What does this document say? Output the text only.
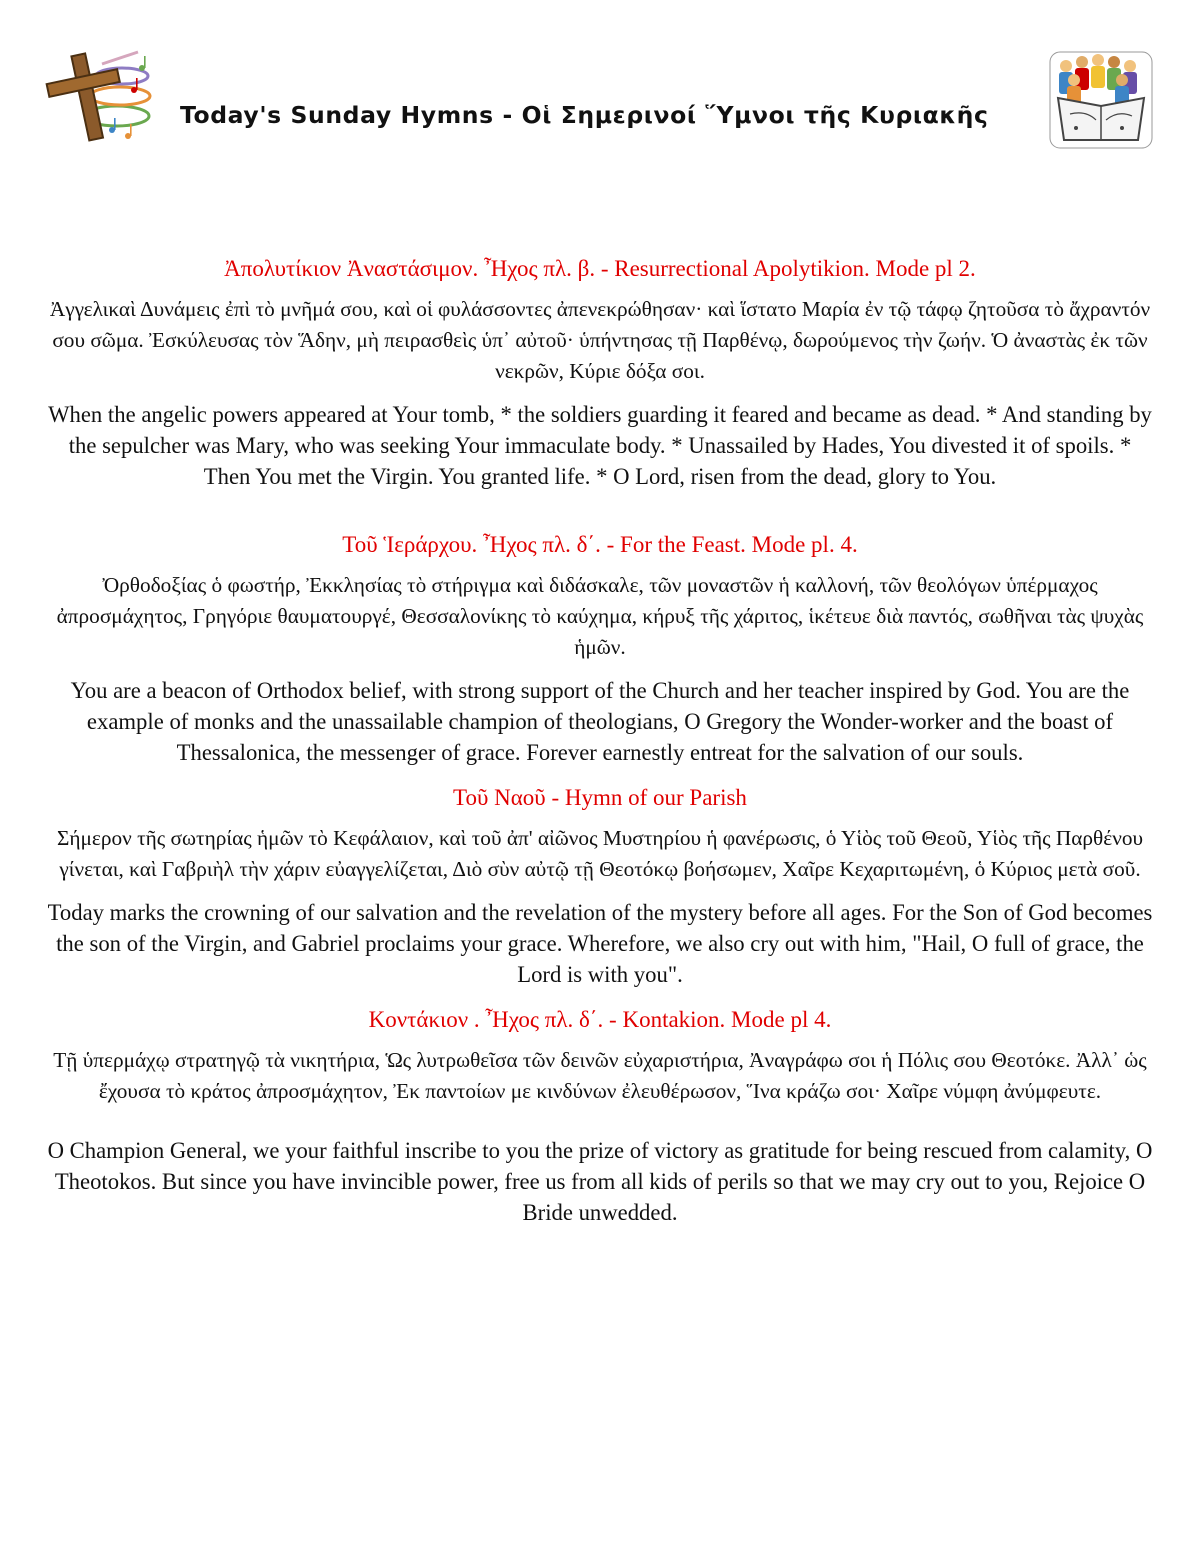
Today's Sunday Hymns - Οἱ Σημερινοί Ὕμνοι τῆς Κυριακῆς
Ἀπολυτίκιον Ἀναστάσιμον. Ἦχος πλ. β. - Resurrectional Apolytikion. Mode pl 2.
Ἀγγελικαὶ Δυνάμεις ἐπὶ τὸ μνῆμά σου, καὶ οἱ φυλάσσοντες ἀπενεκρώθησαν· καὶ ἵστατο Μαρία ἐν τῷ τάφῳ ζητοῦσα τὸ ἄχραντόν σου σῶμα. Ἐσκύλευσας τὸν Ἅδην, μὴ πειρασθεὶς ὑπ᾽ αὐτοῦ· ὑπήντησας τῇ Παρθένῳ, δωρούμενος τὴν ζωήν. Ὁ ἀναστὰς ἐκ τῶν νεκρῶν, Κύριε δόξα σοι.
When the angelic powers appeared at Your tomb, * the soldiers guarding it feared and became as dead. * And standing by the sepulcher was Mary, who was seeking Your immaculate body. * Unassailed by Hades, You divested it of spoils. * Then You met the Virgin. You granted life. * O Lord, risen from the dead, glory to You.
Τοῦ Ἱεράρχου. Ἦχος πλ. δ΄. - For the Feast. Mode pl. 4.
Ὀρθοδοξίας ὁ φωστήρ, Ἐκκλησίας τὸ στήριγμα καὶ διδάσκαλε, τῶν μοναστῶν ἡ καλλονή, τῶν θεολόγων ὑπέρμαχος ἀπροσμάχητος, Γρηγόριε θαυματουργέ, Θεσσαλονίκης τὸ καύχημα, κήρυξ τῆς χάριτος, ἱκέτευε διὰ παντός, σωθῆναι τὰς ψυχὰς ἡμῶν.
You are a beacon of Orthodox belief, with strong support of the Church and her teacher inspired by God. You are the example of monks and the unassailable champion of theologians, O Gregory the Wonder-worker and the boast of Thessalonica, the messenger of grace. Forever earnestly entreat for the salvation of our souls.
Τοῦ Ναοῦ - Hymn of our Parish
Σήμερον τῆς σωτηρίας ἡμῶν τὸ Κεφάλαιον, καὶ τοῦ ἀπ' αἰῶνος Μυστηρίου ἡ φανέρωσις, ὁ Υἱὸς τοῦ Θεοῦ, Υἱὸς τῆς Παρθένου γίνεται, καὶ Γαβριὴλ τὴν χάριν εὐαγγελίζεται, Διὸ σὺν αὐτῷ τῇ Θεοτόκῳ βοήσωμεν, Χαῖρε Κεχαριτωμένη, ὁ Κύριος μετὰ σοῦ.
Today marks the crowning of our salvation and the revelation of the mystery before all ages. For the Son of God becomes the son of the Virgin, and Gabriel proclaims your grace. Wherefore, we also cry out with him, "Hail, O full of grace, the Lord is with you".
Κοντάκιον . Ἦχος πλ. δ΄. - Kontakion. Mode pl 4.
Τῇ ὑπερμάχῳ στρατηγῷ τὰ νικητήρια, Ὡς λυτρωθεῖσα τῶν δεινῶν εὐχαριστήρια, Ἀναγράφω σοι ἡ Πόλις σου Θεοτόκε. Ἀλλ᾽ ὡς ἔχουσα τὸ κράτος ἀπροσμάχητον, Ἐκ παντοίων με κινδύνων ἐλευθέρωσον, Ἵνα κράζω σοι· Χαῖρε νύμφη ἀνύμφευτε.
O Champion General, we your faithful inscribe to you the prize of victory as gratitude for being rescued from calamity, O Theotokos. But since you have invincible power, free us from all kids of perils so that we may cry out to you, Rejoice O Bride unwedded.
